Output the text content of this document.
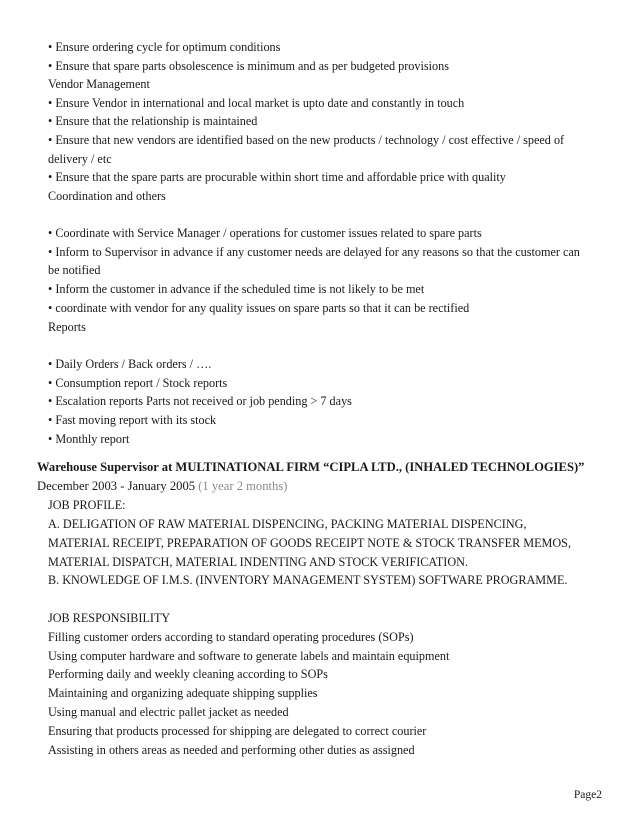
• Ensure ordering cycle for optimum conditions
• Ensure that spare parts obsolescence is minimum and as per budgeted provisions
Vendor Management
• Ensure Vendor in international and local market is upto date and constantly in touch
• Ensure that the relationship is maintained
• Ensure that new vendors are identified based on the new products / technology / cost effective / speed of
delivery / etc
• Ensure that the spare parts are procurable within short time and affordable price with quality
Coordination and others
• Coordinate with Service Manager / operations for customer issues related to spare parts
• Inform to Supervisor in advance if any customer needs are delayed for any reasons so that the customer can
be notified
• Inform the customer in advance if the scheduled time is not likely to be met
• coordinate with vendor for any quality issues on spare parts so that it can be rectified
Reports
• Daily Orders / Back orders / ….
• Consumption report / Stock reports
• Escalation reports Parts not received or job pending > 7 days
• Fast moving report with its stock
• Monthly report
Warehouse Supervisor at MULTINATIONAL FIRM “CIPLA LTD., (INHALED TECHNOLOGIES)”
December 2003 - January 2005 (1 year 2 months)
JOB PROFILE:
A. DELIGATION OF RAW MATERIAL DISPENCING, PACKING MATERIAL DISPENCING,
MATERIAL RECEIPT, PREPARATION OF GOODS RECEIPT NOTE & STOCK TRANSFER MEMOS,
MATERIAL DISPATCH, MATERIAL INDENTING AND STOCK VERIFICATION.
B. KNOWLEDGE OF I.M.S. (INVENTORY MANAGEMENT SYSTEM) SOFTWARE PROGRAMME.
JOB RESPONSIBILITY
Filling customer orders according to standard operating procedures (SOPs)
Using computer hardware and software to generate labels and maintain equipment
Performing daily and weekly cleaning according to SOPs
Maintaining and organizing adequate shipping supplies
Using manual and electric pallet jacket as needed
Ensuring that products processed for shipping are delegated to correct courier
Assisting in others areas as needed and performing other duties as assigned
Page2
